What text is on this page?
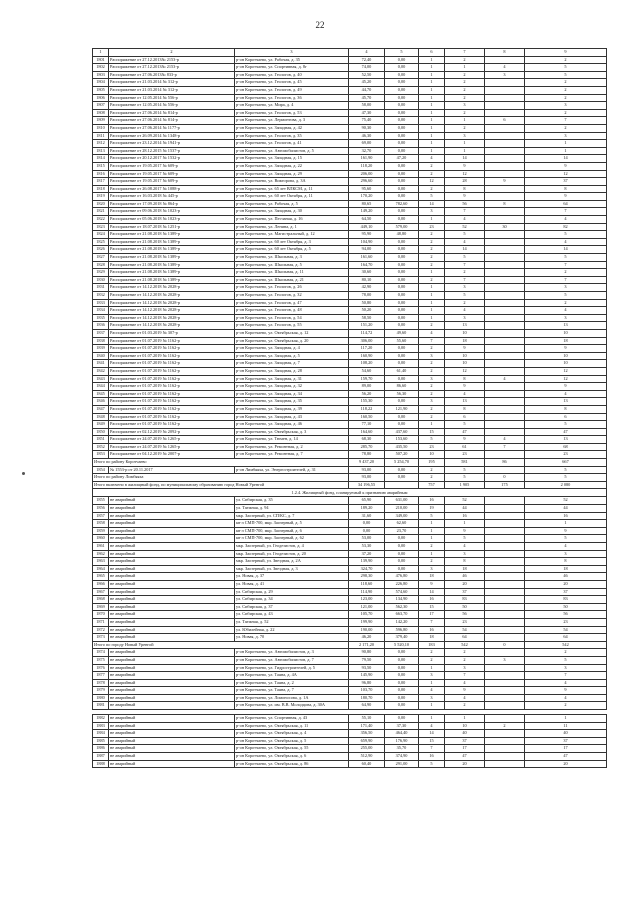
22
1	2	3	4	5	6	7	8	9
1801	Распоряжение от 27.12.2013№ 2153-р	р-он Коротчаево, ул. Рабочая, д. 35	72,40	0,00	1	2		2
1802	Распоряжение от 27.12.2013№ 2153-р	р-он Коротчаево, ул. Спортивная, д. 8г	74,00	0,00	1	1	4	5
1803	Распоряжение от 27.06.2013№ 833-р	р-он Коротчаево, ул. Геологов, д. 40	52,50	0,00	1	2	3	5
1804	Распоряжение от 21.03.2014 № 312-р	р-он Коротчаево, ул. Геологов, д. 45	45,20	0,00	1	2		2
1805	Распоряжение от 21.03.2014 № 312-р	р-он Коротчаево, ул. Геологов, д. 49	44,70	0,00	1	2		2
1806	Распоряжение от 12.05.2014 № 556-р	р-он Коротчаево, ул. Геологов, д. 36	45,70	0,00	1	2		2
1807	Распоряжение от 12.05.2014 № 556-р	р-он Коротчаево, ул. Мира, д. 4	58,00	0,00	1	3		3
1808	Распоряжение от 27.06.2014 № 814-р	р-он Коротчаево, ул. Геологов, д. 53	47,30	0,00	1	2		2
1809	Распоряжение от 27.06.2014 № 814-р	р-он Коротчаево, ул. Лермонтова, д. 3	75,40	0,00	1	1	6	7
1810	Распоряжение от 27.06.2014 № 1177-р	р-он Коротчаево, ул. Западная, д. 42	90,30	0,00	1	2		2
1811	Распоряжение от 26.09.2014 № 1348-р	р-он Коротчаево, ул. Геологов, д. 35	46,30	0,00	1	3		3
1812	Распоряжение от 23.12.2014 № 1941-р	р-он Коротчаево, ул. Геологов, д. 41	69,00	0,00	1	1		1
1813	Распоряжение от 28.12.2015 № 1537-р	р-он Коротчаево, ул. Автомобилистов, д. 5	32,70	0,00	1	1		1
1814	Распоряжение от 20.12.2017 № 1532-р	р-он Коротчаево, ул. Западная, д. 15	161,90	47,20	4	14		14
1815	Распоряжение от 19.05.2017 № 609-р	р-он Коротчаево, ул. Западная, д. 22	118,20	0,00	2	9		9
1816	Распоряжение от 19.05.2017 № 609-р	р-он Коротчаево, ул. Западная, д. 29	206,00	0,00	2	12		12
1817	Распоряжение от 19.05.2017 № 609-р	р-он Коротчаево, ул. Викторова, д. 3А	296,60	0,00	12	28	9	37
1818	Распоряжение от 26.08.2017 № 1088-р	р-он Коротчаево, ул. 65 лет ВЛКСМ, д. 11	95,60	0,00	2	8		8
1819	Распоряжение от 16.03.2018 № 445-р	р-он Коротчаево, ул. 60 лет Октября, д. 11	170,20	0,00	5	9		9
1820	Распоряжение от 17.09.2018 № 864-р	р-он Коротчаево, ул. Рабочая, д. 5	80,65	782,60	14	56	8	64
1821	Распоряжение от 09.06.2018 № 1023-р	р-он Коротчаево, ул. Западная, д. 30	149,20	0,00	3	7		7
1822	Распоряжение от 05.06.2018 № 1023-р	р-он Коротчаево, ул. Песчаная, д. 16	64,50	0,00	1	4		4
1823	Распоряжение от 18.07.2018 № 1251-р	р-он Коротчаево, ул. Ленина, д. 1	449,10	579,00	23	52	30	82
1824	Распоряжение от 21.08.2018 № 1389-р	р-он Коротчаево, ул. Магистральный, д. 12	95,90	48,80	2	5		5
1825	Распоряжение от 21.08.2018 № 1389-р	р-он Коротчаево, ул. 60 лет Октября, д. 3	104,90	0,00	2	4		4
1826	Распоряжение от 21.08.2018 № 1389-р	р-он Коротчаево, ул. 60 лет Октября, д. 5	94,00	0,00	2	14		14
1827	Распоряжение от 21.08.2018 № 1389-р	р-он Коротчаево, ул. Школьная, д. 3	161,60	0,00	2	5		5
1828	Распоряжение от 21.08.2018 № 1389-р	р-он Коротчаево, ул. Школьная, д. 5	164,70	0,00	2	7		7
1829	Распоряжение от 21.08.2018 № 1389-р	р-он Коротчаево, ул. Школьная, д. 11	30,60	0,00	1	2		2
1830	Распоряжение от 21.08.2018 № 1389-р	р-он Коротчаево, ул. Школьная, д. 21	80,10	0,00	2	7		7
1831	Распоряжение от 14.12.2018 № 2028-р	р-он Коротчаево, ул. Геологов, д. 26	42,90	0,00	1	3		3
1832	Распоряжение от 14.12.2018 № 2028-р	р-он Коротчаево, ул. Геологов, д. 32	78,00	0,00	1	5		5
1833	Распоряжение от 14.12.2018 № 2028-р	р-он Коротчаево, ул. Геологов, д. 47	50,80	0,00	1	2		2
1834	Распоряжение от 14.12.2018 № 2028-р	р-он Коротчаево, ул. Геологов, д. 48	50,20	0,00	1	4		4
1835	Распоряжение от 14.12.2018 № 2028-р	р-он Коротчаево, ул. Геологов, д. 54	58,50	0,00	1	3		3
1836	Распоряжение от 14.12.2018 № 2028-р	р-он Коротчаево, ул. Геологов, д. 55	151,20	0,00	2	13		13
1837	Распоряжение от 01.03.2019 № 307-р	р-он Коротчаево, ул. Октябрьская, д. 12	114,72	49,60	4	10		10
1838	Распоряжение от 01.07.2019 № 1162-р	р-он Коротчаево, ул. Октябрьская, д. 20	306,00	55,60	7	18		18
1839	Распоряжение от 01.07.2019 № 1162-р	р-он Коротчаево, ул. Западная, д. 4	117,20	0,00	2	9		9
1840	Распоряжение от 01.07.2019 № 1162-р	р-он Коротчаево, ул. Западная, д. 5	160,90	0,00	3	10		10
1841	Распоряжение от 01.07.2019 № 1162-р	р-он Коротчаево, ул. Западная, д. 7	108,20	0,00	2	10		10
1842	Распоряжение от 01.07.2019 № 1162-р	р-он Коротчаево, ул. Западная, д. 28	54,60	61,40	2	12		12
1843	Распоряжение от 01.07.2019 № 1162-р	р-он Коротчаево, ул. Западная, д. 31	159,70	0,00	3	8	4	12
1844	Распоряжение от 01.07.2019 № 1162-р	р-он Коротчаево, ул. Западная, д. 32	89,00	86,60	2	9		9
1845	Распоряжение от 01.07.2019 № 1162-р	р-он Коротчаево, ул. Западная, д. 34	56,20	56,30	2	4		4
1846	Распоряжение от 01.07.2019 № 1162-р	р-он Коротчаево, ул. Западная, д. 35	155,30	0,00	3	13		13
1847	Распоряжение от 01.07.2019 № 1162-р	р-он Коротчаево, ул. Западная, д. 39	118,22	121,90	2	8		8
1848	Распоряжение от 01.07.2019 № 1162-р	р-он Коротчаево, ул. Западная, д. 43	160,50	0,00	2	6		6
1849	Распоряжение от 01.07.2019 № 1162-р	р-он Коротчаево, ул. Западная, д. 46	77,10	0,00	1	5		5
1850	Распоряжение от 02.12.2019 № 2092-р	р-он Коротчаево, ул. Октябрьская, д. 3	164,60	437,60	15	47		47
1851	Распоряжение от 24.07.2019 № 1265-р	р-он Коротчаево, ул. Тюмен, д. 14	68,30	153,60	5	9	4	13
1852	Распоряжение от 24.07.2019 № 1265-р	р-он Коротчаево, ул. Ремонтная, д. 2	285,70	435,50	23	61	7	68
1853	Распоряжение от 04.12.2019 № 2007-р	р-он Коротчаево, ул. Ремонтная, д. 7	78,80	507,20	10	23		23
Итого по району Коротчаево			9 437,20	5 254,70	195	581	86	667
1854	№ 1553-р от 20.11.2017	р-он Лимбяяха, ул. Энергостроителей, д. 31	93,00	0,00	2	5		5
Итого по району Лимбяяха			93,00	0,00	2	5	0	5
Итого включено в жилищный фонд, по муниципальному образованию город Новый Уренгой			34 196,55		757	1 905	175	2 080
1.2.4. Жилищный фонд, планируемый к признанию аварийным								
1855	не аварийный	ул. Сибирская, д. 35	65,90	631,00	16	52		52
1856	не аварийный	ул. Таежная, д. 94	189,20	210,00	19	44		44
1857	не аварийный	мкр. Заозерный, ул. СП/КС, д. 7	31,60	349,00	5	16		16
1858	не аварийный	кв-л СМП-700, мкр. Заозерный, д. 5	0,00	62,60	1	1		1
1859	не аварийный	кв-л СМП-700, мкр. Заозерный, д. 6	0,00	23,70	1	9		9
1860	не аварийный	кв-л СМП-700, мкр. Заозерный, д. 62	53,00	0,00	1	5		5
1861	не аварийный	мкр. Заозерный, ул. Геодезистов, д. 4	53,30	0,00	2	4		4
1862	не аварийный	мкр. Заозерный, ул. Геодезистов, д. 20	37,20	0,00	1	3		3
1863	не аварийный	мкр. Заозерный, ул. Звездная, д. 2А	139,90	0,00	2	8		8
1864	не аварийный	мкр. Заозерный, ул. Звездная, д. 3	324,70	0,00	3	18		18
1865	не аварийный	ул. Новая, д. 37	298,30	476,80	18	46		46
1866	не аварийный	ул. Новая, д. 41	118,60	226,80	9	20		20
1867	не аварийный	ул. Сибирская, д. 29	114,90	574,60	14	37		37
1868	не аварийный	ул. Сибирская, д. 34	123,00	134,90	16	83		83
1869	не аварийный	ул. Сибирская, д. 37	121,00	562,30	15	50		50
1870	не аварийный	ул. Сибирская, д. 43	105,70	663,70	17	56		56
1871	не аварийный	ул. Таежная, д. 52	199,90	142,20	7	23		23
1872	не аварийный	ул. Юбилейная, д. 22	190,00	596,80	16	54		54
1873	не аварийный	ул. Новая, д. 70	46,20	379,40	18	64		64
Итого по городу Новый Уренгой			2 171,20	5 520,10	183	542	0	542
1874	не аварийный	р-он Коротчаево, ул. Автомобилистов, д. 3	90,80	0,00	2	2		2
1875	не аварийный	р-он Коротчаево, ул. Автомобилистов, д. 7	79,50	0,00	2	2	3	5
1876	не аварийный	р-он Коротчаево, ул. Гидростроителей, д. 5	93,50	0,00	1	3		3
1877	не аварийный	р-он Коротчаево, ул. Таяна, д. 4А	145,90	0,00	3	7		7
1878	не аварийный	р-он Коротчаево, ул. Таяна, д. 2	96,80	0,00	1	4		4
1879	не аварийный	р-он Коротчаево, ул. Таяна, д. 7	103,70	0,00	4	9		9
1880	не аварийный	р-он Коротчаево, ул. Ломоносова, д. 1А	180,70	0,00	3	4		4
1881	не аварийный	р-он Коротчаево, ул. им. В.В. Молодцова, д. 30А	64,90	0,00	1	2		2

1882	не аварийный	р-он Коротчаево, ул. Спортивная, д. 43	55,10	0,00	1	1		1
1883	не аварийный	р-он Коротчаево, ул. Октябрьская, д. 11	171,40	37,30	4	10	2	11
1884	не аварийный	р-он Коротчаево, ул. Октябрьская, д. 4	356,50	464,40	14	40		40
1885	не аварийный	р-он Коротчаево, ул. Октябрьская, д. 5	659,90	176,90	15	37		37
1886	не аварийный	р-он Коротчаево, ул. Октябрьская, д. 55	255,00	35,70	7	17		17
1887	не аварийный	р-он Коротчаево, ул. Октябрьская, д. 6	512,90	374,90	16	47		47
1888	не аварийный	р-он Коротчаево, ул. Октябрьская, д. 86	60,40	291,00	5	20		20
